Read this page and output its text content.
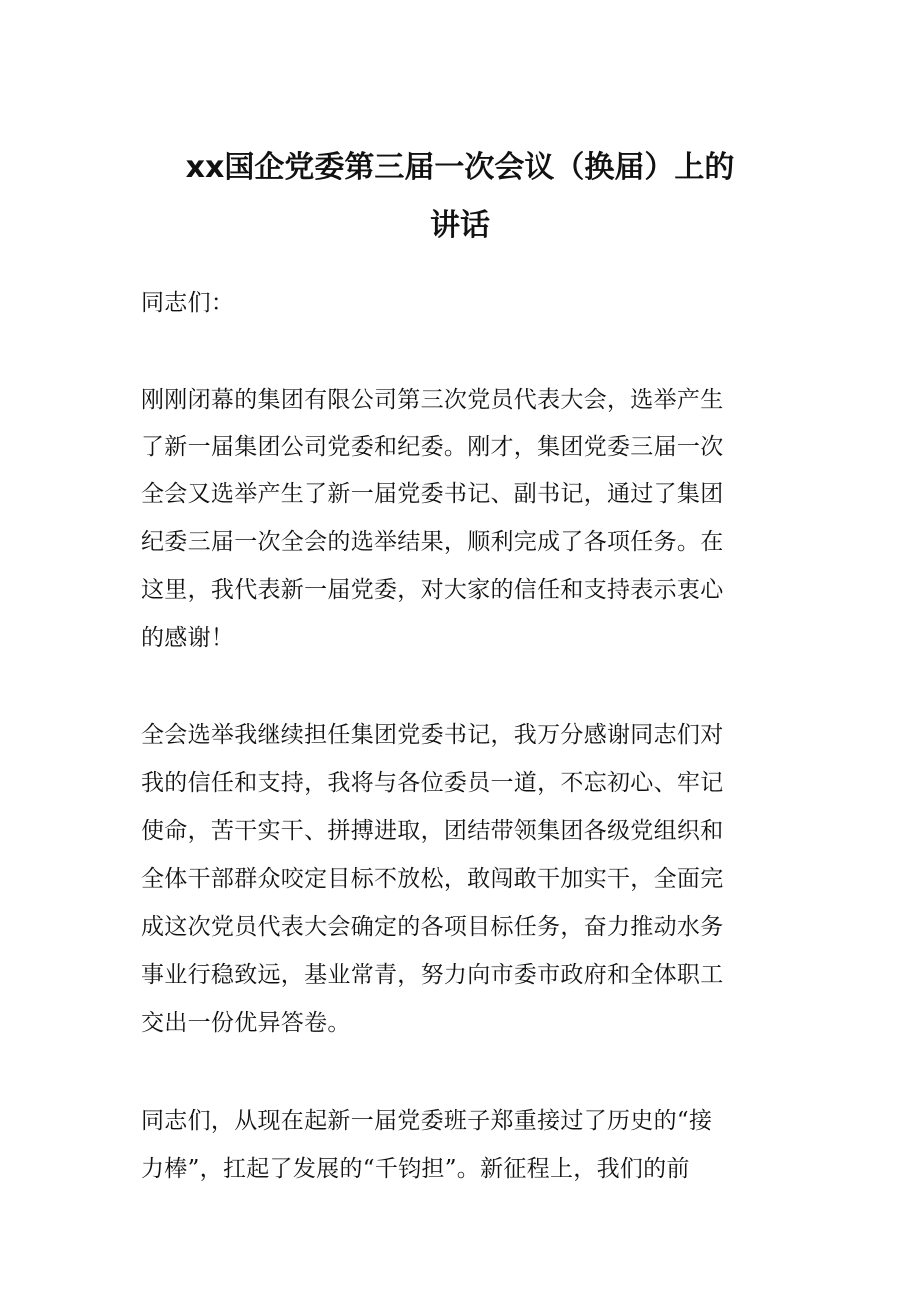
xx国企党委第三届一次会议（换届）上的
讲话
同志们：
刚刚闭幕的集团有限公司第三次党员代表大会，选举产生
了新一届集团公司党委和纪委。刚才，集团党委三届一次
全会又选举产生了新一届党委书记、副书记，通过了集团
纪委三届一次全会的选举结果，顺利完成了各项任务。在
这里，我代表新一届党委，对大家的信任和支持表示衷心
的感谢！
全会选举我继续担任集团党委书记，我万分感谢同志们对
我的信任和支持，我将与各位委员一道，不忘初心、牢记
使命，苦干实干、拼搏进取，团结带领集团各级党组织和
全体干部群众咬定目标不放松，敢闯敢干加实干，全面完
成这次党员代表大会确定的各项目标任务，奋力推动水务
事业行稳致远，基业常青，努力向市委市政府和全体职工
交出一份优异答卷。
同志们，从现在起新一届党委班子郑重接过了历史的“接
力棒”，扛起了发展的“千钧担”。新征程上，我们的前
